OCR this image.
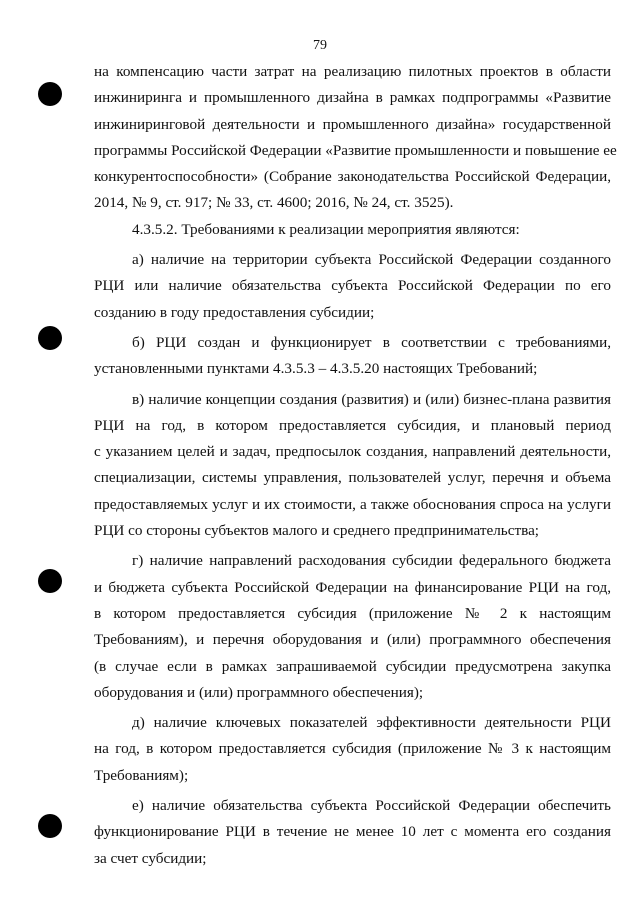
79

на компенсацию части затрат на реализацию пилотных проектов в области
инжиниринга и промышленного дизайна в рамках подпрограммы «Развитие
инжиниринговой деятельности и промышленного дизайна» государственной
программы Российской Федерации «Развитие промышленности и повышение ее
конкурентоспособности» (Собрание законодательства Российской Федерации,
2014, № 9, ст. 917; № 33, ст. 4600; 2016, № 24, ст. 3525).

4.3.5.2. Требованиями к реализации мероприятия являются:

а) наличие на территории субъекта Российской Федерации созданного
РЦИ или наличие обязательства субъекта Российской Федерации по его
созданию в году предоставления субсидии;

б) РЦИ создан и функционирует в соответствии с требованиями,
установленными пунктами 4.3.5.3 – 4.3.5.20 настоящих Требований;

в) наличие концепции создания (развития) и (или) бизнес-плана развития
РЦИ на год, в котором предоставляется субсидия, и плановый период
с указанием целей и задач, предпосылок создания, направлений деятельности,
специализации, системы управления, пользователей услуг, перечня и объема
предоставляемых услуг и их стоимости, а также обоснования спроса на услуги
РЦИ со стороны субъектов малого и среднего предпринимательства;

г) наличие направлений расходования субсидии федерального бюджета
и бюджета субъекта Российской Федерации на финансирование РЦИ на год,
в котором предоставляется субсидия (приложение № 2 к настоящим
Требованиям), и перечня оборудования и (или) программного обеспечения
(в случае если в рамках запрашиваемой субсидии предусмотрена закупка
оборудования и (или) программного обеспечения);

д) наличие ключевых показателей эффективности деятельности РЦИ
на год, в котором предоставляется субсидия (приложение № 3 к настоящим
Требованиям);

е) наличие обязательства субъекта Российской Федерации обеспечить
функционирование РЦИ в течение не менее 10 лет с момента его создания
за счет субсидии;
